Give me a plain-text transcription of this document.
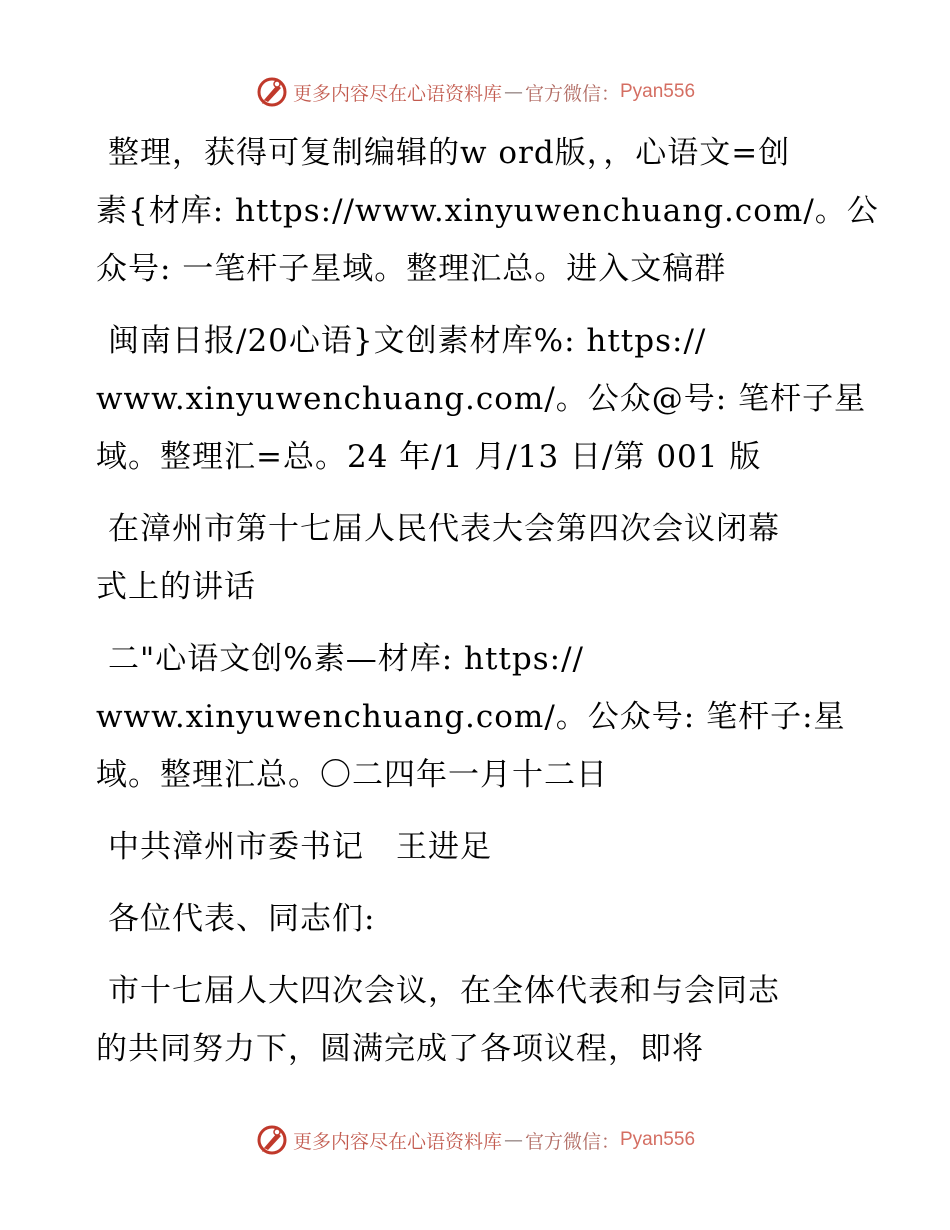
更多内容尽在心语资料库 — 官方微信： Pyan556

整理，获得可复制编辑的w ord版，，心语文=创

素{材库: https://www.xinyuwenchuang.com/。公

众号: 一笔杆子星域。整理汇总。进入文稿群

闽南日报/20心语}文创素材库%: https://

www.xinyuwenchuang.com/。公众@号: 笔杆子星

域。整理汇=总。24 年/1 月/13 日/第 001 版

在漳州市第十七届人民代表大会第四次会议闭幕

式上的讲话

二"心语文创%素—材库: https://

www.xinyuwenchuang.com/。公众号: 笔杆子:星

域。整理汇总。〇二四年一月十二日

中共漳州市委书记　王进足

各位代表、同志们:

市十七届人大四次会议，在全体代表和与会同志

的共同努力下，圆满完成了各项议程，即将

更多内容尽在心语资料库 — 官方微信： Pyan556
